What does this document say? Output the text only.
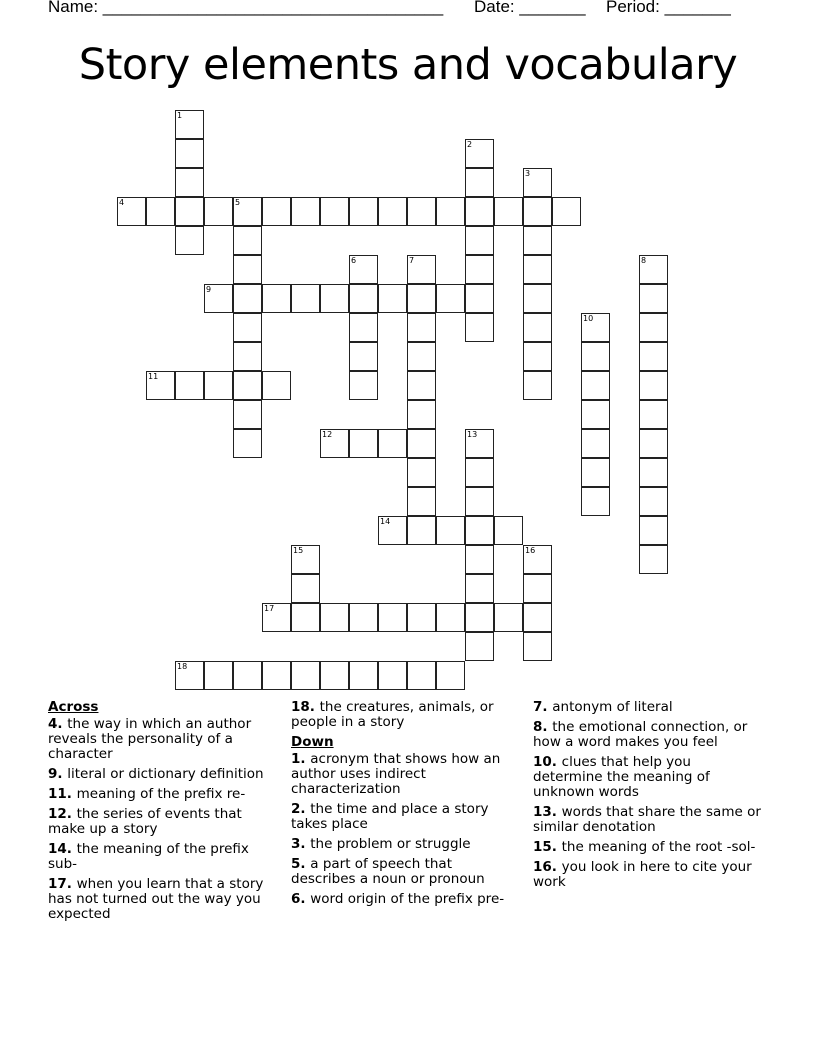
Name: ____________________________________ Date: _______ Period: _______
Story elements and vocabulary
1
2
3
4	5
6	7	8
9
10
11
12	13
14
15	16
17
18
Across
4. the way in which an author reveals the personality of a character
9. literal or dictionary definition
11. meaning of the prefix re-
12. the series of events that make up a story
14. the meaning of the prefix sub-
17. when you learn that a story has not turned out the way you expected
18. the creatures, animals, or people in a story
Down
1. acronym that shows how an author uses indirect characterization
2. the time and place a story takes place
3. the problem or struggle
5. a part of speech that describes a noun or pronoun
6. word origin of the prefix pre-
7. antonym of literal
8. the emotional connection, or how a word makes you feel
10. clues that help you determine the meaning of unknown words
13. words that share the same or similar denotation
15. the meaning of the root -sol-
16. you look in here to cite your work
